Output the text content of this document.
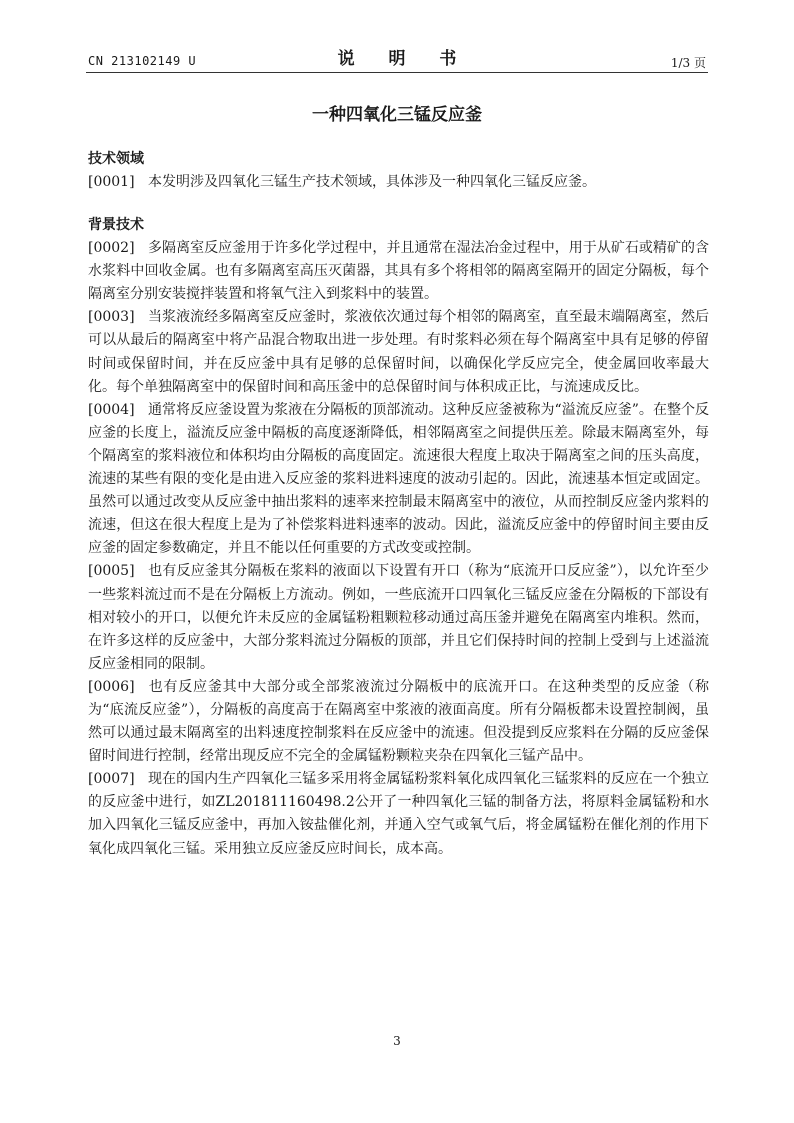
CN 213102149 U	说 明 书	1/3 页
一种四氧化三锰反应釜

技术领域

[0001] 本发明涉及四氧化三锰生产技术领域，具体涉及一种四氧化三锰反应釜。

背景技术

[0002] 多隔离室反应釜用于许多化学过程中，并且通常在湿法冶金过程中，用于从矿石或精矿的含水浆料中回收金属。也有多隔离室高压灭菌器，其具有多个将相邻的隔离室隔开的固定分隔板，每个隔离室分别安装搅拌装置和将氧气注入到浆料中的装置。

[0003] 当浆液流经多隔离室反应釜时，浆液依次通过每个相邻的隔离室，直至最末端隔离室，然后可以从最后的隔离室中将产品混合物取出进一步处理。有时浆料必须在每个隔离室中具有足够的停留时间或保留时间，并在反应釜中具有足够的总保留时间，以确保化学反应完全，使金属回收率最大化。每个单独隔离室中的保留时间和高压釜中的总保留时间与体积成正比，与流速成反比。

[0004] 通常将反应釜设置为浆液在分隔板的顶部流动。这种反应釜被称为“溢流反应釜”。在整个反应釜的长度上，溢流反应釜中隔板的高度逐渐降低，相邻隔离室之间提供压差。除最末隔离室外，每个隔离室的浆料液位和体积均由分隔板的高度固定。流速很大程度上取决于隔离室之间的压头高度，流速的某些有限的变化是由进入反应釜的浆料进料速度的波动引起的。因此，流速基本恒定或固定。虽然可以通过改变从反应釜中抽出浆料的速率来控制最末隔离室中的液位，从而控制反应釜内浆料的流速，但这在很大程度上是为了补偿浆料进料速率的波动。因此，溢流反应釜中的停留时间主要由反应釜的固定参数确定，并且不能以任何重要的方式改变或控制。

[0005] 也有反应釜其分隔板在浆料的液面以下设置有开口（称为“底流开口反应釜”），以允许至少一些浆料流过而不是在分隔板上方流动。例如，一些底流开口四氧化三锰反应釜在分隔板的下部设有相对较小的开口，以便允许未反应的金属锰粉粗颗粒移动通过高压釜并避免在隔离室内堆积。然而，在许多这样的反应釜中，大部分浆料流过分隔板的顶部，并且它们保持时间的控制上受到与上述溢流反应釜相同的限制。

[0006] 也有反应釜其中大部分或全部浆液流过分隔板中的底流开口。在这种类型的反应釜（称为“底流反应釜”），分隔板的高度高于在隔离室中浆液的液面高度。所有分隔板都未设置控制阀，虽然可以通过最末隔离室的出料速度控制浆料在反应釜中的流速。但没提到反应浆料在分隔的反应釜保留时间进行控制，经常出现反应不完全的金属锰粉颗粒夹杂在四氧化三锰产品中。

[0007] 现在的国内生产四氧化三锰多采用将金属锰粉浆料氧化成四氧化三锰浆料的反应在一个独立的反应釜中进行，如ZL201811160498.2公开了一种四氧化三锰的制备方法，将原料金属锰粉和水加入四氧化三锰反应釜中，再加入铵盐催化剂，并通入空气或氧气后，将金属锰粉在催化剂的作用下氧化成四氧化三锰。采用独立反应釜反应时间长，成本高。

3
